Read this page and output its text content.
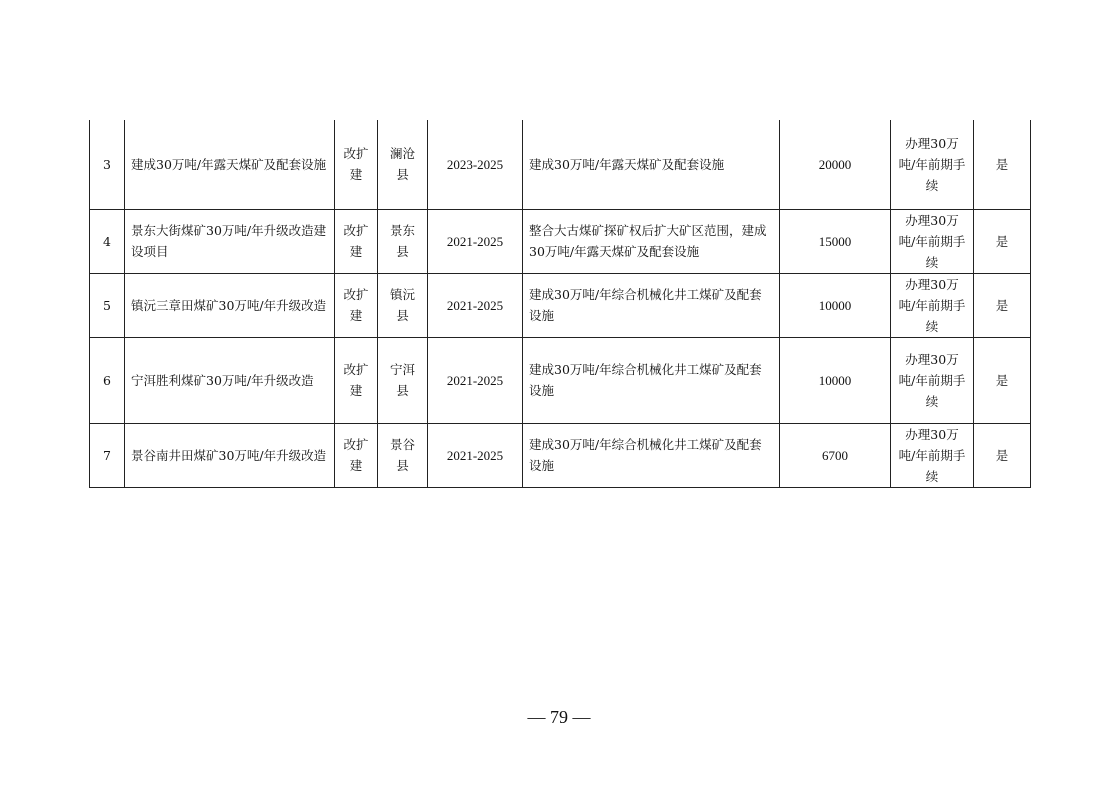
3	建成30万吨/年露天煤矿及配套设施	改扩建	澜沧县	2023-2025	建成30万吨/年露天煤矿及配套设施	20000	办理30万吨/年前期手续	是
4	景东大街煤矿30万吨/年升级改造建设项目	改扩建	景东县	2021-2025	整合大古煤矿探矿权后扩大矿区范围，建成30万吨/年露天煤矿及配套设施	15000	办理30万吨/年前期手续	是
5	镇沅三章田煤矿30万吨/年升级改造	改扩建	镇沅县	2021-2025	建成30万吨/年综合机械化井工煤矿及配套设施	10000	办理30万吨/年前期手续	是
6	宁洱胜利煤矿30万吨/年升级改造	改扩建	宁洱县	2021-2025	建成30万吨/年综合机械化井工煤矿及配套设施	10000	办理30万吨/年前期手续	是
7	景谷南井田煤矿30万吨/年升级改造	改扩建	景谷县	2021-2025	建成30万吨/年综合机械化井工煤矿及配套设施	6700	办理30万吨/年前期手续	是
— 79 —
